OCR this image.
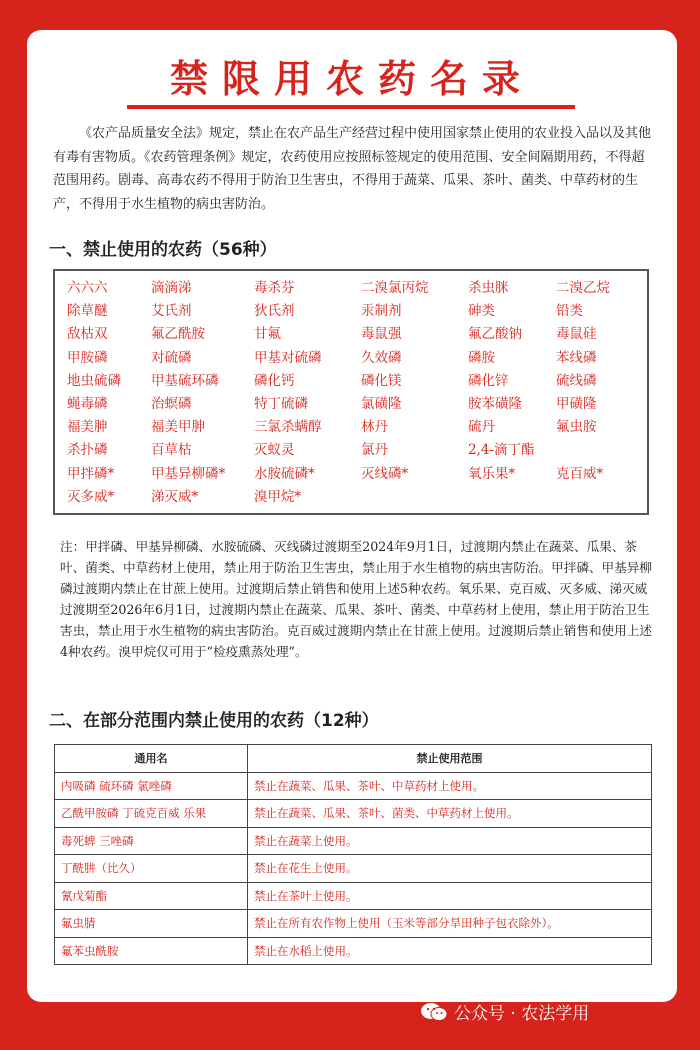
禁限用农药名录

《农产品质量安全法》规定，禁止在农产品生产经营过程中使用国家禁止使用的农业投入品以及其他有毒有害物质。《农药管理条例》规定，农药使用应按照标签规定的使用范围、安全间隔期用药，不得超范围用药。剧毒、高毒农药不得用于防治卫生害虫，不得用于蔬菜、瓜果、茶叶、菌类、中草药材的生产，不得用于水生植物的病虫害防治。

一、禁止使用的农药（56种）
六六六	滴滴涕	毒杀芬	二溴氯丙烷	杀虫脒	二溴乙烷
除草醚	艾氏剂	狄氏剂	汞制剂	砷类	铅类
敌枯双	氟乙酰胺	甘氟	毒鼠强	氟乙酸钠	毒鼠硅
甲胺磷	对硫磷	甲基对硫磷	久效磷	磷胺	苯线磷
地虫硫磷	甲基硫环磷	磷化钙	磷化镁	磷化锌	硫线磷
蝇毒磷	治螟磷	特丁硫磷	氯磺隆	胺苯磺隆	甲磺隆
福美胂	福美甲胂	三氯杀螨醇	林丹	硫丹	氟虫胺
杀扑磷	百草枯	灭蚁灵	氯丹	2,4-滴丁酯
甲拌磷*	甲基异柳磷*	水胺硫磷*	灭线磷*	氧乐果*	克百威*
灭多威*	涕灭威*	溴甲烷*

注：甲拌磷、甲基异柳磷、水胺硫磷、灭线磷过渡期至2024年9月1日，过渡期内禁止在蔬菜、瓜果、茶叶、菌类、中草药材上使用，禁止用于防治卫生害虫，禁止用于水生植物的病虫害防治。甲拌磷、甲基异柳磷过渡期内禁止在甘蔗上使用。过渡期后禁止销售和使用上述5种农药。氧乐果、克百威、灭多威、涕灭威过渡期至2026年6月1日，过渡期内禁止在蔬菜、瓜果、茶叶、菌类、中草药材上使用，禁止用于防治卫生害虫，禁止用于水生植物的病虫害防治。克百威过渡期内禁止在甘蔗上使用。过渡期后禁止销售和使用上述4种农药。溴甲烷仅可用于“检疫熏蒸处理”。

二、在部分范围内禁止使用的农药（12种）
通用名	禁止使用范围
内吸磷 硫环磷 氯唑磷	禁止在蔬菜、瓜果、茶叶、中草药材上使用。
乙酰甲胺磷 丁硫克百威 乐果	禁止在蔬菜、瓜果、茶叶、菌类、中草药材上使用。
毒死蜱 三唑磷	禁止在蔬菜上使用。
丁酰肼（比久）	禁止在花生上使用。
氰戊菊酯	禁止在茶叶上使用。
氟虫腈	禁止在所有农作物上使用（玉米等部分旱田种子包衣除外）。
氟苯虫酰胺	禁止在水稻上使用。
公众号 · 农法学用
